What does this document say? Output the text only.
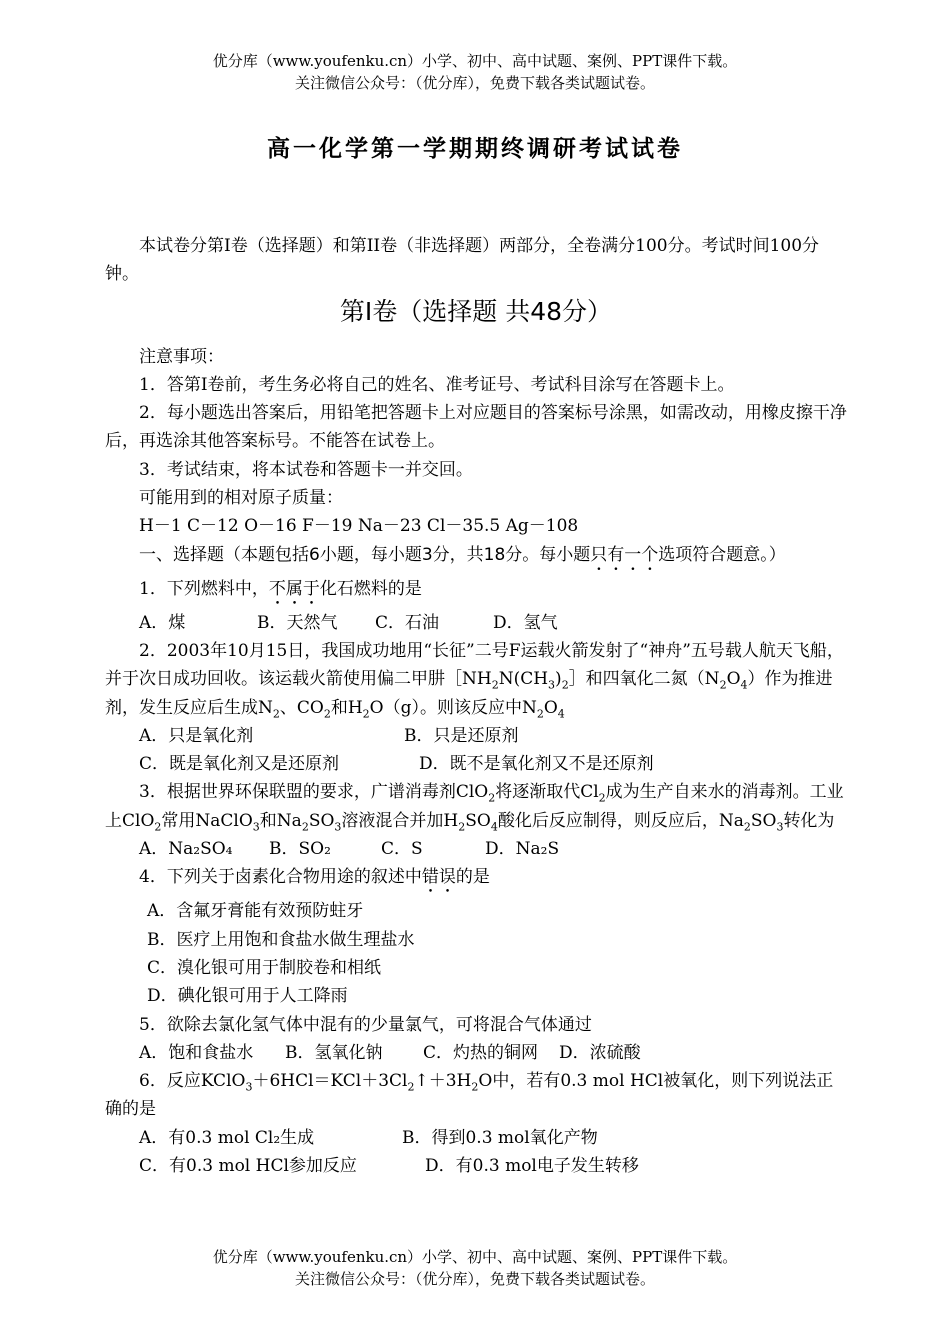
优分库（www.youfenku.cn）小学、初中、高中试题、案例、PPT课件下载。
关注微信公众号：（优分库），免费下载各类试题试卷。
高一化学第一学期期终调研考试试卷

本试卷分第I卷（选择题）和第II卷（非选择题）两部分，全卷满分100分。考试时间100分钟。

第Ⅰ卷（选择题 共48分）

注意事项：

1．答第Ⅰ卷前，考生务必将自己的姓名、准考证号、考试科目涂写在答题卡上。

2．每小题选出答案后，用铅笔把答题卡上对应题目的答案标号涂黑，如需改动，用橡皮擦干净后，再选涂其他答案标号。不能答在试卷上。

3．考试结束，将本试卷和答题卡一并交回。

可能用到的相对原子质量：

H－1 C－12 O－16 F－19 Na－23 Cl－35.5 Ag－108

一、选择题（本题包括6小题，每小题3分，共18分。每小题只有一个选项符合题意。）

1．下列燃料中，不属于化石燃料的是

A．煤	B．天然气 C．石油	D．氢气

2．2003年10月15日，我国成功地用“长征”二号F运载火箭发射了“神舟”五号载人航天飞船，并于次日成功回收。该运载火箭使用偏二甲肼$[NH_2N(CH_3)_2]$和四氧化二氮$(N_2O_4)$作为推进剂，发生反应后生成$N_2$、$CO_2$和$H_2O(g)$。则该反应中$N_2O_4$

A．只是氧化剂	B．只是还原剂

C．既是氧化剂又是还原剂	D．既不是氧化剂又不是还原剂

3．根据世界环保联盟的要求，广谱消毒剂ClO$_2$将逐渐取代$Cl_2$成为生产自来水的消毒剂。工业上ClO$_2$常用NaClO$_3$和$Na_2SO_3$溶液混合并加$H_2SO_4$酸化后反应制得，则反应后，$Na_2SO_3$转化为

A．Na₂SO₄ B．SO₂	C．S	D．Na₂S

4．下列关于卤素化合物用途的叙述中错误的是

A．含氟牙膏能有效预防蛀牙

B．医疗上用饱和食盐水做生理盐水

C．溴化银可用于制胶卷和相纸

D．碘化银可用于人工降雨

5．欲除去氯化氢气体中混有的少量氯气，可将混合气体通过

A．饱和食盐水 B．氢氧化钠 C．灼热的铜网 D．浓硫酸

6．反应$KClO_3+6HCl=KCl+3Cl_2↑+3H_2O$中，若有0.3 mol HCl被氧化，则下列说法正确的是

A．有0.3 mol Cl₂生成	B．得到0.3 mol氧化产物

C．有0.3 mol HCl参加反应	D．有0.3 mol电子发生转移

优分库（www.youfenku.cn）小学、初中、高中试题、案例、PPT课件下载。
关注微信公众号：（优分库），免费下载各类试题试卷。
